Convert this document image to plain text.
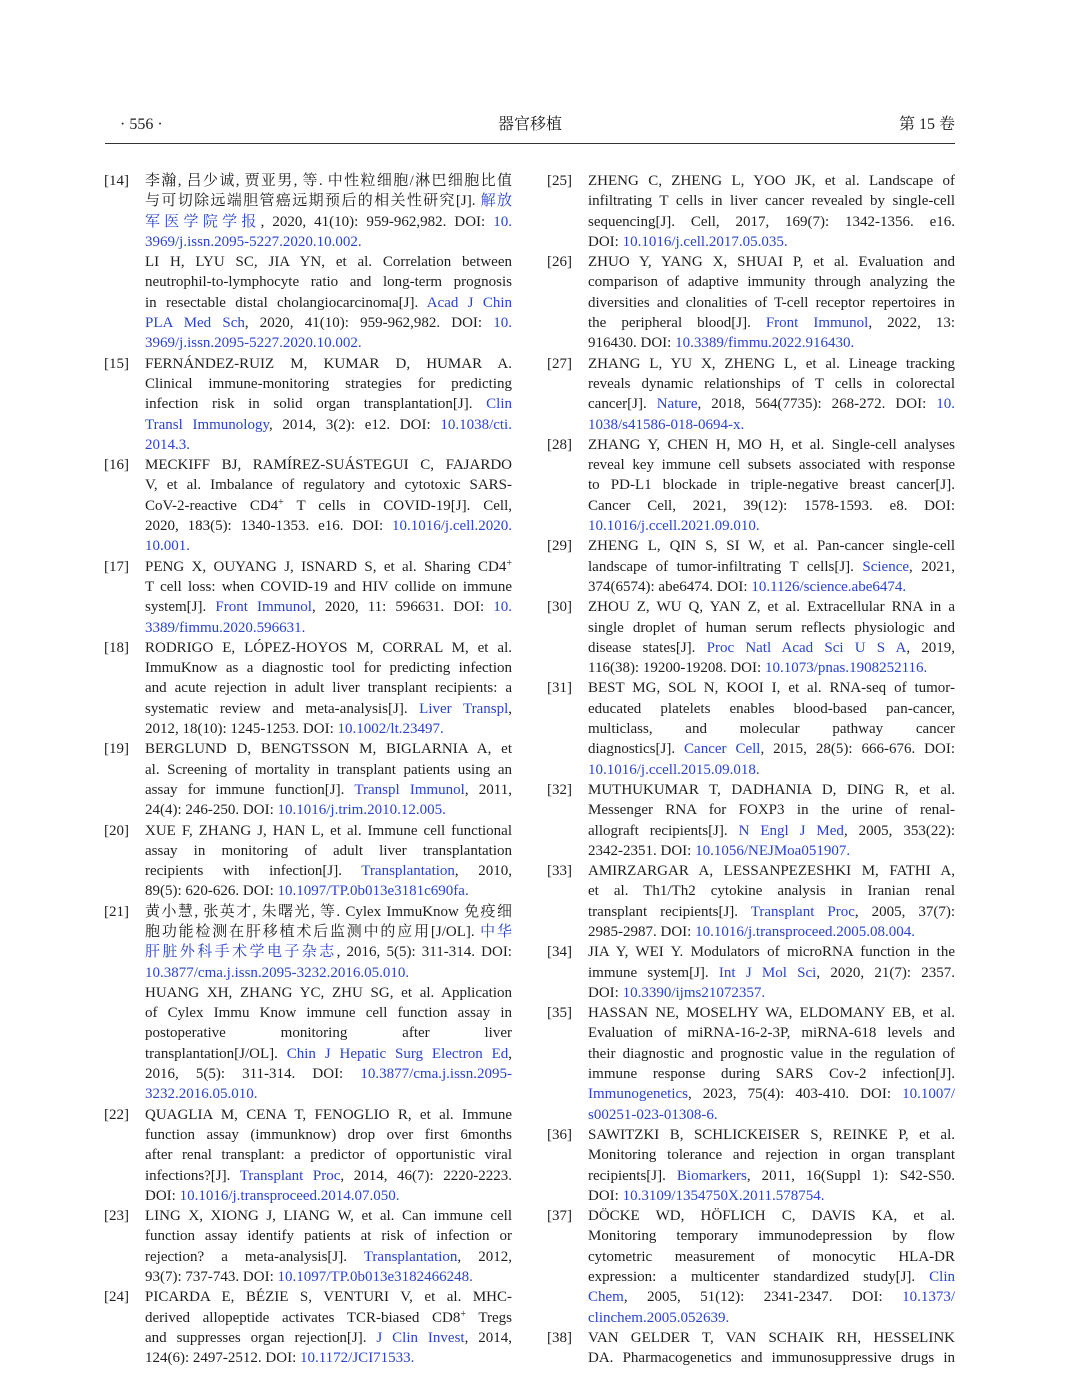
· 556 ·	器官移植	第 15 卷
[14] 李瀚, 吕少诚, 贾亚男, 等. 中性粒细胞/淋巴细胞比值
与可切除远端胆管癌远期预后的相关性研究[J]. 解放
军医学院学报, 2020, 41(10): 959-962,982. DOI: 10.
3969/j.issn.2095-5227.2020.10.002.
LI H, LYU SC, JIA YN, et al. Correlation between
neutrophil-to-lymphocyte ratio and long-term prognosis
in resectable distal cholangiocarcinoma[J]. Acad J Chin
PLA Med Sch, 2020, 41(10): 959-962,982. DOI: 10.
3969/j.issn.2095-5227.2020.10.002.
[15] FERNÁNDEZ-RUIZ M, KUMAR D, HUMAR A.
Clinical immune-monitoring strategies for predicting
infection risk in solid organ transplantation[J]. Clin
Transl Immunology, 2014, 3(2): e12. DOI: 10.1038/cti.
2014.3.
[16] MECKIFF BJ, RAMÍREZ-SUÁSTEGUI C, FAJARDO
V, et al. Imbalance of regulatory and cytotoxic SARS-
CoV-2-reactive CD4+ T cells in COVID-19[J]. Cell,
2020, 183(5): 1340-1353. e16. DOI: 10.1016/j.cell.2020.
10.001.
[17] PENG X, OUYANG J, ISNARD S, et al. Sharing CD4+
T cell loss: when COVID-19 and HIV collide on immune
system[J]. Front Immunol, 2020, 11: 596631. DOI: 10.
3389/fimmu.2020.596631.
[18] RODRIGO E, LÓPEZ-HOYOS M, CORRAL M, et al.
ImmuKnow as a diagnostic tool for predicting infection
and acute rejection in adult liver transplant recipients: a
systematic review and meta-analysis[J]. Liver Transpl,
2012, 18(10): 1245-1253. DOI: 10.1002/lt.23497.
[19] BERGLUND D, BENGTSSON M, BIGLARNIA A, et
al. Screening of mortality in transplant patients using an
assay for immune function[J]. Transpl Immunol, 2011,
24(4): 246-250. DOI: 10.1016/j.trim.2010.12.005.
[20] XUE F, ZHANG J, HAN L, et al. Immune cell functional
assay in monitoring of adult liver transplantation
recipients with infection[J]. Transplantation, 2010,
89(5): 620-626. DOI: 10.1097/TP.0b013e3181c690fa.
[21] 黄小慧, 张英才, 朱曙光, 等. Cylex ImmuKnow 免疫细
胞功能检测在肝移植术后监测中的应用[J/OL]. 中华
肝脏外科手术学电子杂志, 2016, 5(5): 311-314. DOI:
10.3877/cma.j.issn.2095-3232.2016.05.010.
HUANG XH, ZHANG YC, ZHU SG, et al. Application
of Cylex Immu Know immune cell function assay in
postoperative monitoring after liver
transplantation[J/OL]. Chin J Hepatic Surg Electron Ed,
2016, 5(5): 311-314. DOI: 10.3877/cma.j.issn.2095-
3232.2016.05.010.
[22] QUAGLIA M, CENA T, FENOGLIO R, et al. Immune
function assay (immunknow) drop over first 6months
after renal transplant: a predictor of opportunistic viral
infections?[J]. Transplant Proc, 2014, 46(7): 2220-2223.
DOI: 10.1016/j.transproceed.2014.07.050.
[23] LING X, XIONG J, LIANG W, et al. Can immune cell
function assay identify patients at risk of infection or
rejection? a meta-analysis[J]. Transplantation, 2012,
93(7): 737-743. DOI: 10.1097/TP.0b013e3182466248.
[24] PICARDA E, BÉZIE S, VENTURI V, et al. MHC-
derived allopeptide activates TCR-biased CD8+ Tregs
and suppresses organ rejection[J]. J Clin Invest, 2014,
124(6): 2497-2512. DOI: 10.1172/JCI71533.
[25] ZHENG C, ZHENG L, YOO JK, et al. Landscape of
infiltrating T cells in liver cancer revealed by single-cell
sequencing[J]. Cell, 2017, 169(7): 1342-1356. e16.
DOI: 10.1016/j.cell.2017.05.035.
[26] ZHUO Y, YANG X, SHUAI P, et al. Evaluation and
comparison of adaptive immunity through analyzing the
diversities and clonalities of T-cell receptor repertoires in
the peripheral blood[J]. Front Immunol, 2022, 13:
916430. DOI: 10.3389/fimmu.2022.916430.
[27] ZHANG L, YU X, ZHENG L, et al. Lineage tracking
reveals dynamic relationships of T cells in colorectal
cancer[J]. Nature, 2018, 564(7735): 268-272. DOI: 10.
1038/s41586-018-0694-x.
[28] ZHANG Y, CHEN H, MO H, et al. Single-cell analyses
reveal key immune cell subsets associated with response
to PD-L1 blockade in triple-negative breast cancer[J].
Cancer Cell, 2021, 39(12): 1578-1593. e8. DOI:
10.1016/j.ccell.2021.09.010.
[29] ZHENG L, QIN S, SI W, et al. Pan-cancer single-cell
landscape of tumor-infiltrating T cells[J]. Science, 2021,
374(6574): abe6474. DOI: 10.1126/science.abe6474.
[30] ZHOU Z, WU Q, YAN Z, et al. Extracellular RNA in a
single droplet of human serum reflects physiologic and
disease states[J]. Proc Natl Acad Sci U S A, 2019,
116(38): 19200-19208. DOI: 10.1073/pnas.1908252116.
[31] BEST MG, SOL N, KOOI I, et al. RNA-seq of tumor-
educated platelets enables blood-based pan-cancer,
multiclass, and molecular pathway cancer
diagnostics[J]. Cancer Cell, 2015, 28(5): 666-676. DOI:
10.1016/j.ccell.2015.09.018.
[32] MUTHUKUMAR T, DADHANIA D, DING R, et al.
Messenger RNA for FOXP3 in the urine of renal-
allograft recipients[J]. N Engl J Med, 2005, 353(22):
2342-2351. DOI: 10.1056/NEJMoa051907.
[33] AMIRZARGAR A, LESSANPEZESHKI M, FATHI A,
et al. Th1/Th2 cytokine analysis in Iranian renal
transplant recipients[J]. Transplant Proc, 2005, 37(7):
2985-2987. DOI: 10.1016/j.transproceed.2005.08.004.
[34] JIA Y, WEI Y. Modulators of microRNA function in the
immune system[J]. Int J Mol Sci, 2020, 21(7): 2357.
DOI: 10.3390/ijms21072357.
[35] HASSAN NE, MOSELHY WA, ELDOMANY EB, et al.
Evaluation of miRNA-16-2-3P, miRNA-618 levels and
their diagnostic and prognostic value in the regulation of
immune response during SARS Cov-2 infection[J].
Immunogenetics, 2023, 75(4): 403-410. DOI: 10.1007/
s00251-023-01308-6.
[36] SAWITZKI B, SCHLICKEISER S, REINKE P, et al.
Monitoring tolerance and rejection in organ transplant
recipients[J]. Biomarkers, 2011, 16(Suppl 1): S42-S50.
DOI: 10.3109/1354750X.2011.578754.
[37] DÖCKE WD, HÖFLICH C, DAVIS KA, et al.
Monitoring temporary immunodepression by flow
cytometric measurement of monocytic HLA-DR
expression: a multicenter standardized study[J]. Clin
Chem, 2005, 51(12): 2341-2347. DOI: 10.1373/
clinchem.2005.052639.
[38] VAN GELDER T, VAN SCHAIK RH, HESSELINK
DA. Pharmacogenetics and immunosuppressive drugs in
